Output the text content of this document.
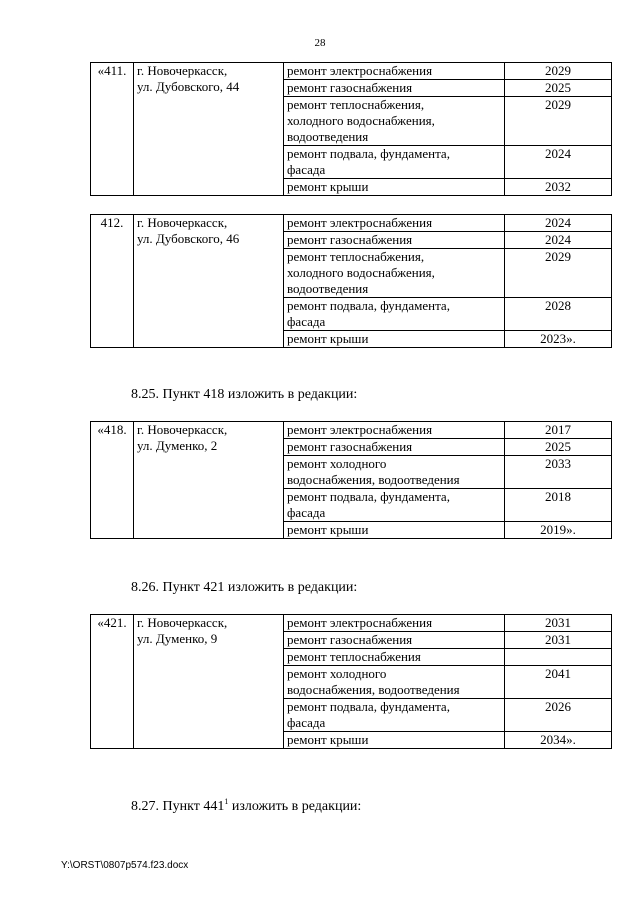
28
«411.	г. Новочеркасск,
ул. Дубовского, 44	ремонт электроснабжения	2029

		ремонт газоснабжения	2025

		ремонт теплоснабжения,
холодного водоснабжения,
водоотведения	2029

		ремонт подвала, фундамента,
фасада	2024

		ремонт крыши	2032
412.	г. Новочеркасск,
ул. Дубовского, 46	ремонт электроснабжения	2024

		ремонт газоснабжения	2024

		ремонт теплоснабжения,
холодного водоснабжения,
водоотведения	2029

		ремонт подвала, фундамента,
фасада	2028

		ремонт крыши	2023».
8.25. Пункт 418 изложить в редакции:
«418.	г. Новочеркасск,
ул. Думенко, 2	ремонт электроснабжения	2017

		ремонт газоснабжения	2025

		ремонт холодного
водоснабжения, водоотведения	2033

		ремонт подвала, фундамента,
фасада	2018

		ремонт крыши	2019».
8.26. Пункт 421 изложить в редакции:
«421.	г. Новочеркасск,
ул. Думенко, 9	ремонт электроснабжения	2031

		ремонт газоснабжения	2031

		ремонт теплоснабжения	

		ремонт холодного
водоснабжения, водоотведения	2041

		ремонт подвала, фундамента,
фасада	2026

		ремонт крыши	2034».
8.27. Пункт $441^1$ изложить в редакции:
Y:\ORST\0807p574.f23.docx
